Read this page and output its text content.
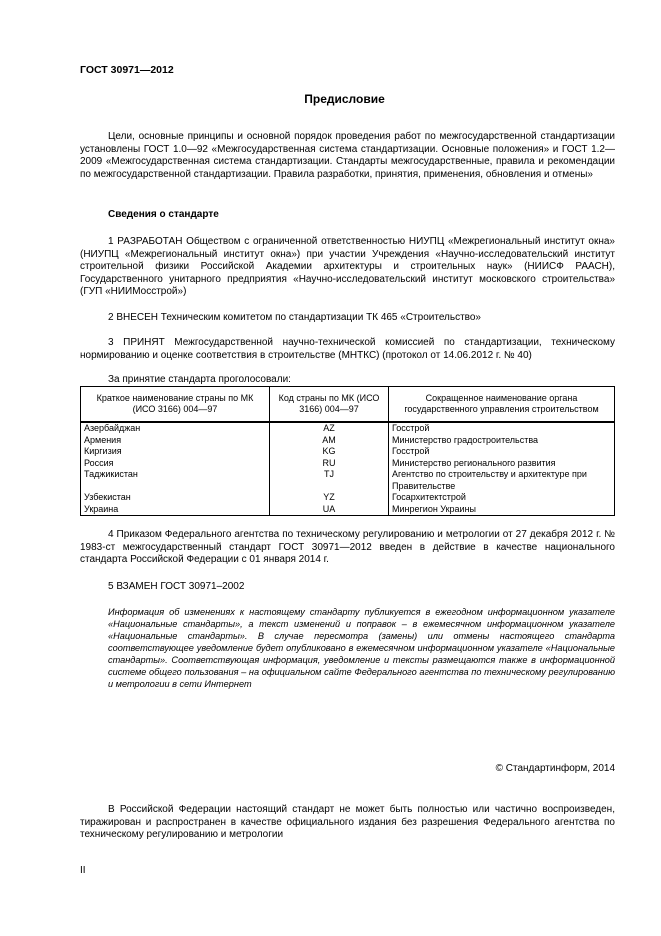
ГОСТ 30971—2012
Предисловие
Цели, основные принципы и основной порядок проведения работ по межгосударственной стандартизации установлены ГОСТ 1.0—92 «Межгосударственная система стандартизации. Основные положения» и ГОСТ 1.2—2009 «Межгосударственная система стандартизации. Стандарты межгосударственные, правила и рекомендации по межгосударственной стандартизации. Правила разработки, принятия, применения, обновления и отмены»
Сведения о стандарте
1 РАЗРАБОТАН Обществом с ограниченной ответственностью НИУПЦ «Межрегиональный институт окна» (НИУПЦ «Межрегиональный институт окна») при участии Учреждения «Научно-исследовательский институт строительной физики Российской Академии архитектуры и строительных наук» (НИИСФ РААСН), Государственного унитарного предприятия «Научно-исследовательский институт московского строительства» (ГУП «НИИМосстрой»)
2 ВНЕСЕН Техническим комитетом по стандартизации ТК 465 «Строительство»
3 ПРИНЯТ Межгосударственной научно-технической комиссией по стандартизации, техническому нормированию и оценке соответствия в строительстве (МНТКС) (протокол от 14.06.2012 г. № 40)
За принятие стандарта проголосовали:
Краткое наименование страны по МК (ИСО 3166) 004—97	Код страны по МК (ИСО 3166) 004—97	Сокращенное наименование органа государственного управления строительством
Азербайджан	AZ	Госстрой
Армения	AM	Министерство градостроительства
Киргизия	KG	Госстрой
Россия	RU	Министерство регионального развития
Таджикистан	TJ	Агентство по строительству и архитектуре при Правительстве
Узбекистан	YZ	Госархитектстрой
Украина	UA	Минрегион Украины
4 Приказом Федерального агентства по техническому регулированию и метрологии от 27 декабря 2012 г. № 1983-ст межгосударственный стандарт ГОСТ 30971—2012 введен в действие в качестве национального стандарта Российской Федерации с 01 января 2014 г.
5 ВЗАМЕН ГОСТ 30971–2002
Информация об изменениях к настоящему стандарту публикуется в ежегодном информационном указателе «Национальные стандарты», а текст изменений и поправок – в ежемесячном информационном указателе «Национальные стандарты». В случае пересмотра (замены) или отмены настоящего стандарта соответствующее уведомление будет опубликовано в ежемесячном информационном указателе «Национальные стандарты». Соответствующая информация, уведомление и тексты размещаются также в информационной системе общего пользования – на официальном сайте Федерального агентства по техническому регулированию и метрологии в сети Интернет
© Стандартинформ, 2014
В Российской Федерации настоящий стандарт не может быть полностью или частично воспроизведен, тиражирован и распространен в качестве официального издания без разрешения Федерального агентства по техническому регулированию и метрологии
II
